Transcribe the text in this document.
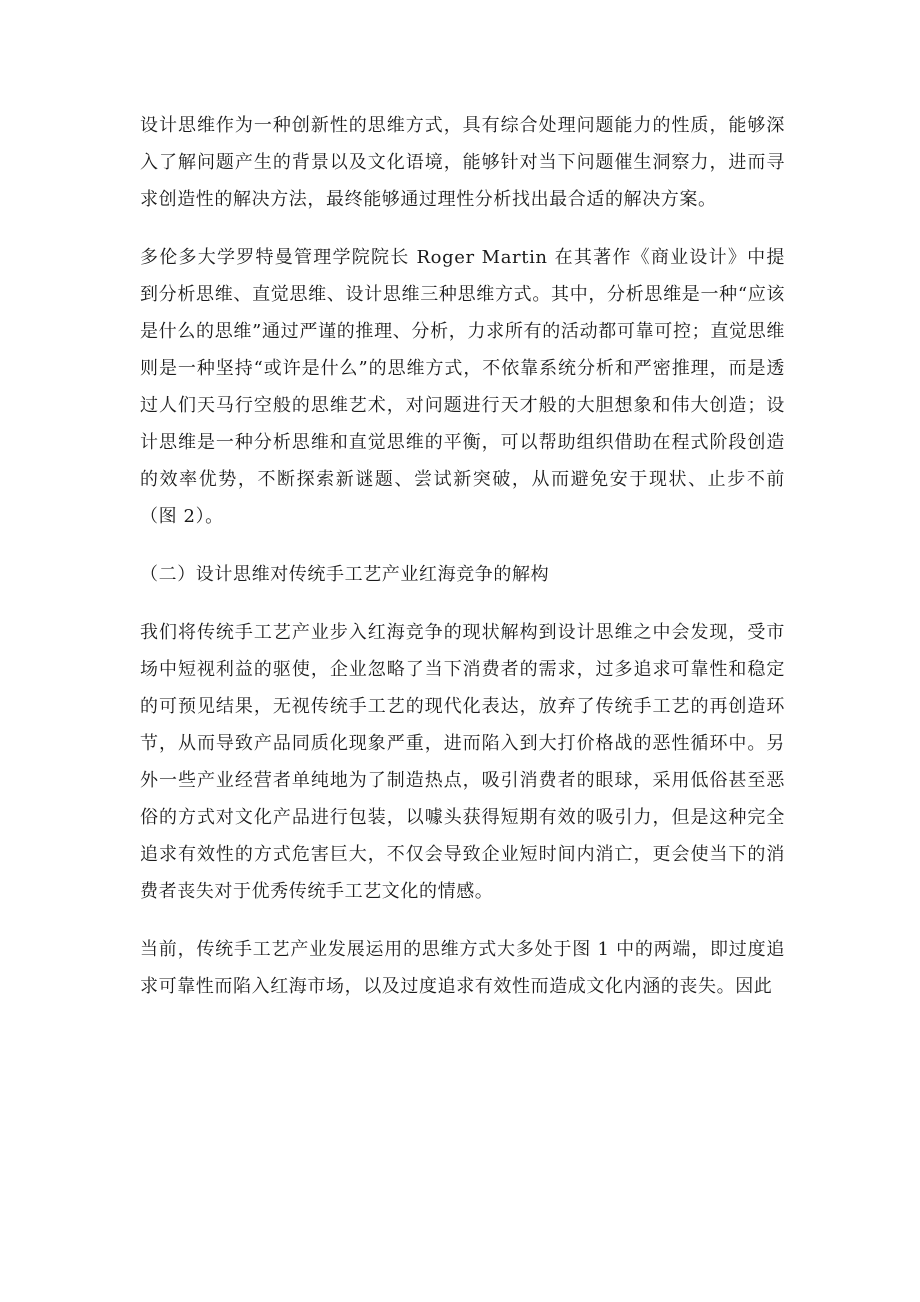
设计思维作为一种创新性的思维方式，具有综合处理问题能力的性质，能够深入了解问题产生的背景以及文化语境，能够针对当下问题催生洞察力，进而寻求创造性的解决方法，最终能够通过理性分析找出最合适的解决方案。

多伦多大学罗特曼管理学院院长 Roger Martin 在其著作《商业设计》中提到分析思维、直觉思维、设计思维三种思维方式。其中，分析思维是一种“应该是什么的思维”通过严谨的推理、分析，力求所有的活动都可靠可控；直觉思维则是一种坚持“或许是什么”的思维方式，不依靠系统分析和严密推理，而是透过人们天马行空般的思维艺术，对问题进行天才般的大胆想象和伟大创造；设计思维是一种分析思维和直觉思维的平衡，可以帮助组织借助在程式阶段创造的效率优势，不断探索新谜题、尝试新突破，从而避免安于现状、止步不前（图 2）。

（二）设计思维对传统手工艺产业红海竞争的解构

我们将传统手工艺产业步入红海竞争的现状解构到设计思维之中会发现，受市场中短视利益的驱使，企业忽略了当下消费者的需求，过多追求可靠性和稳定的可预见结果，无视传统手工艺的现代化表达，放弃了传统手工艺的再创造环节，从而导致产品同质化现象严重，进而陷入到大打价格战的恶性循环中。另外一些产业经营者单纯地为了制造热点，吸引消费者的眼球，采用低俗甚至恶俗的方式对文化产品进行包装，以噱头获得短期有效的吸引力，但是这种完全追求有效性的方式危害巨大，不仅会导致企业短时间内消亡，更会使当下的消费者丧失对于优秀传统手工艺文化的情感。

当前，传统手工艺产业发展运用的思维方式大多处于图 1 中的两端，即过度追求可靠性而陷入红海市场，以及过度追求有效性而造成文化内涵的丧失。因此
